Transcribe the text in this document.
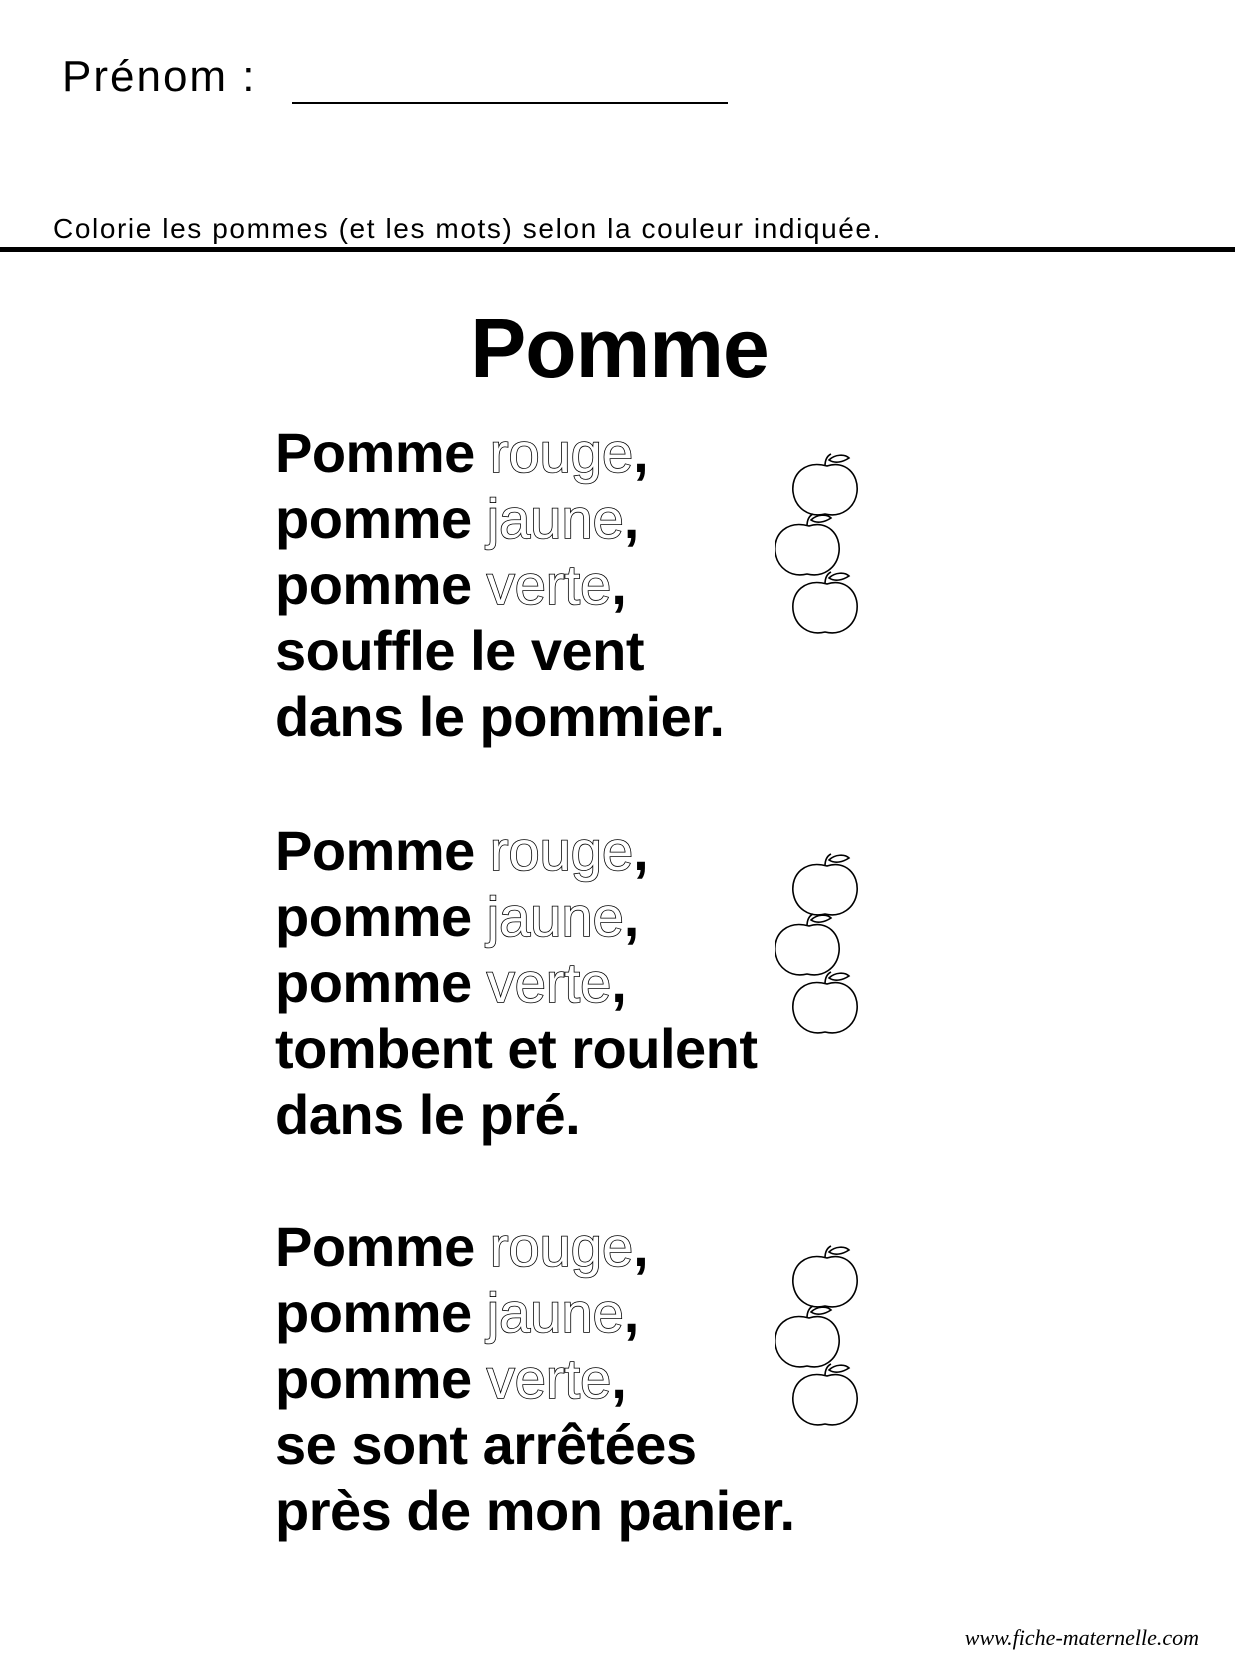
Prénom :
Colorie les pommes (et les mots) selon la couleur indiquée.
Pomme
Pomme rouge,
pomme jaune,
pomme verte,
souffle le vent
dans le pommier.
Pomme rouge,
pomme jaune,
pomme verte,
tombent et roulent
dans le pré.
Pomme rouge,
pomme jaune,
pomme verte,
se sont arrêtées
près de mon panier.
www.fiche-maternelle.com
